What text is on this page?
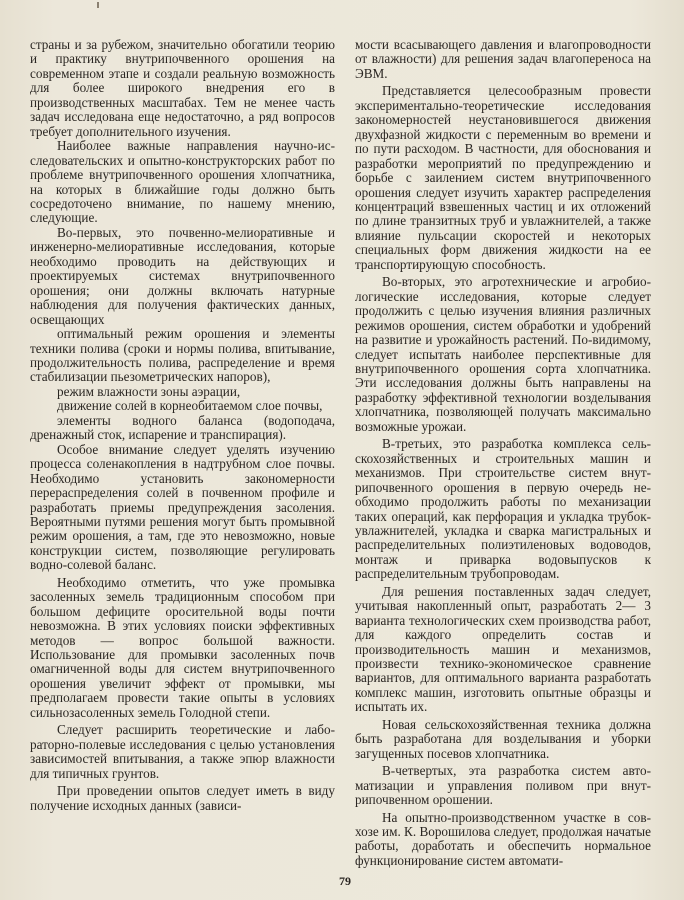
страны и за рубежом, значительно обогатили теорию и практику внутрипочвенного орошения на современном этапе и создали реальную возможность для более широкого внедрения его в производственных масштабах. Тем не менее часть задач исследована еще недостаточно, а ряд вопросов требует дополнительного изучения.

Наиболее важные направления научно-исследовательских и опытно-конструкторских работ по проблеме внутрипочвенного орошения хлопчатника, на которых в ближайшие годы должно быть сосредоточено внимание, по нашему мнению, следующие.

Во-первых, это почвенно-мелиоративные и инженерно-мелиоративные исследования, которые необходимо проводить на действующих и проектируемых системах внутрипочвенного орошения; они должны включать натурные наблюдения для получения фактических данных, освещающих

оптимальный режим орошения и элементы техники полива (сроки и нормы полива, впитывание, продолжительность полива, распределение и время стабилизации пьезометрических напоров),

режим влажности зоны аэрации,

движение солей в корнеобитаемом слое почвы,

элементы водного баланса (водоподача, дренажный сток, испарение и транспирация).

Особое внимание следует уделять изучению процесса соленакопления в надтрубном слое почвы. Необходимо установить закономерности перераспределения солей в почвенном профиле и разработать приемы предупреждения засоления. Вероятными путями решения могут быть промывной режим орошения, а там, где это невозможно, новые конструкции систем, позволяющие регулировать водно-солевой баланс.

Необходимо отметить, что уже промывка засоленных земель традиционным способом при большом дефиците оросительной воды почти невозможна. В этих условиях поиски эффективных методов — вопрос большой важности. Использование для промывки засоленных почв омагниченной воды для систем внутрипочвенного орошения увеличит эффект от промывки, мы предполагаем провести такие опыты в условиях сильнозасоленных земель Голодной степи.

Следует расширить теоретические и лабораторно-полевые исследования с целью установления зависимостей впитывания, а также эпюр влажности для типичных грунтов.

При проведении опытов следует иметь в виду получение исходных данных (зависи-

мости всасывающего давления и влагопроводности от влажности) для решения задач влагопереноса на ЭВМ.

Представляется целесообразным провести экспериментально-теоретические исследования закономерностей неустановившегося движения двухфазной жидкости с переменным во времени и по пути расходом. В частности, для обоснования и разработки мероприятий по предупреждению и борьбе с заилением систем внутрипочвенного орошения следует изучить характер распределения концентраций взвешенных частиц и их отложений по длине транзитных труб и увлажнителей, а также влияние пульсации скоростей и некоторых специальных форм движения жидкости на ее транспортирующую способность.

Во-вторых, это агротехнические и агробиологические исследования, которые следует продолжить с целью изучения влияния различных режимов орошения, систем обработки и удобрений на развитие и урожайность растений. По-видимому, следует испытать наиболее перспективные для внутрипочвенного орошения сорта хлопчатника. Эти исследования должны быть направлены на разработку эффективной технологии возделывания хлопчатника, позволяющей получать максимально возможные урожаи.

В-третьих, это разработка комплекса сельскохозяйственных и строительных машин и механизмов. При строительстве систем внутрипочвенного орошения в первую очередь необходимо продолжить работы по механизации таких операций, как перфорация и укладка трубок-увлажнителей, укладка и сварка магистральных и распределительных полиэтиленовых водоводов, монтаж и приварка водовыпусков к распределительным трубопроводам.

Для решения поставленных задач следует, учитывая накопленный опыт, разработать 2— 3 варианта технологических схем производства работ, для каждого определить состав и производительность машин и механизмов, произвести технико-экономическое сравнение вариантов, для оптимального варианта разработать комплекс машин, изготовить опытные образцы и испытать их.

Новая сельскохозяйственная техника должна быть разработана для возделывания и уборки загущенных посевов хлопчатника.

В-четвертых, эта разработка систем автоматизации и управления поливом при внутрипочвенном орошении.

На опытно-производственном участке в совхозе им. К. Ворошилова следует, продолжая начатые работы, доработать и обеспечить нормальное функционирование систем автомати-

79
